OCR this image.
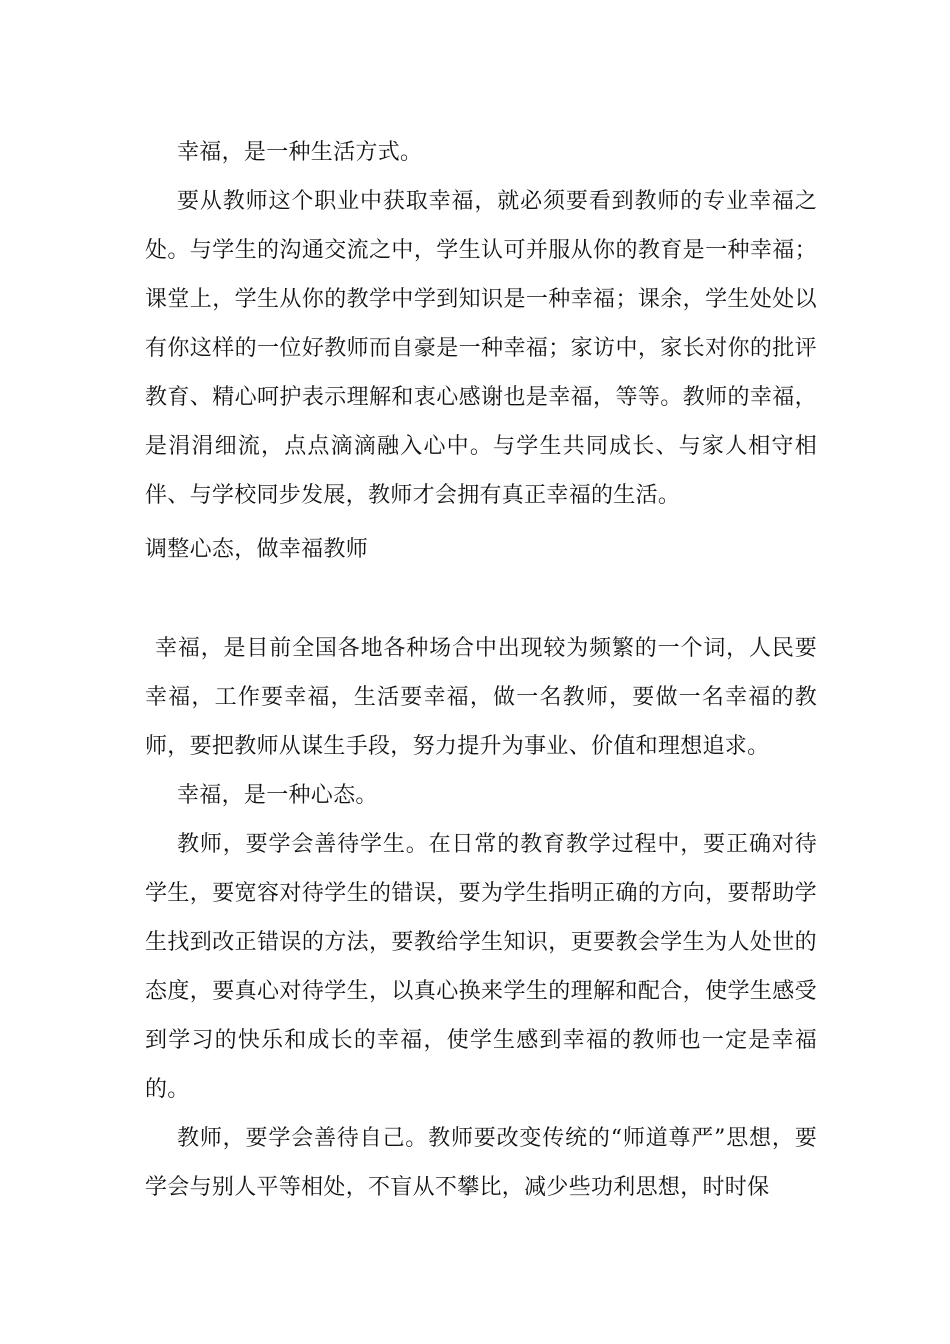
幸福，是一种生活方式。

要从教师这个职业中获取幸福，就必须要看到教师的专业幸福之处。与学生的沟通交流之中，学生认可并服从你的教育是一种幸福；课堂上，学生从你的教学中学到知识是一种幸福；课余，学生处处以有你这样的一位好教师而自豪是一种幸福；家访中，家长对你的批评教育、精心呵护表示理解和衷心感谢也是幸福，等等。教师的幸福，是涓涓细流，点点滴滴融入心中。与学生共同成长、与家人相守相伴、与学校同步发展，教师才会拥有真正幸福的生活。

调整心态，做幸福教师

幸福，是目前全国各地各种场合中出现较为频繁的一个词，人民要幸福，工作要幸福，生活要幸福，做一名教师，要做一名幸福的教师，要把教师从谋生手段，努力提升为事业、价值和理想追求。

幸福，是一种心态。

教师，要学会善待学生。在日常的教育教学过程中，要正确对待学生，要宽容对待学生的错误，要为学生指明正确的方向，要帮助学生找到改正错误的方法，要教给学生知识，更要教会学生为人处世的态度，要真心对待学生，以真心换来学生的理解和配合，使学生感受到学习的快乐和成长的幸福，使学生感到幸福的教师也一定是幸福的。

教师，要学会善待自己。教师要改变传统的“师道尊严”思想，要学会与别人平等相处，不盲从不攀比，减少些功利思想，时时保
